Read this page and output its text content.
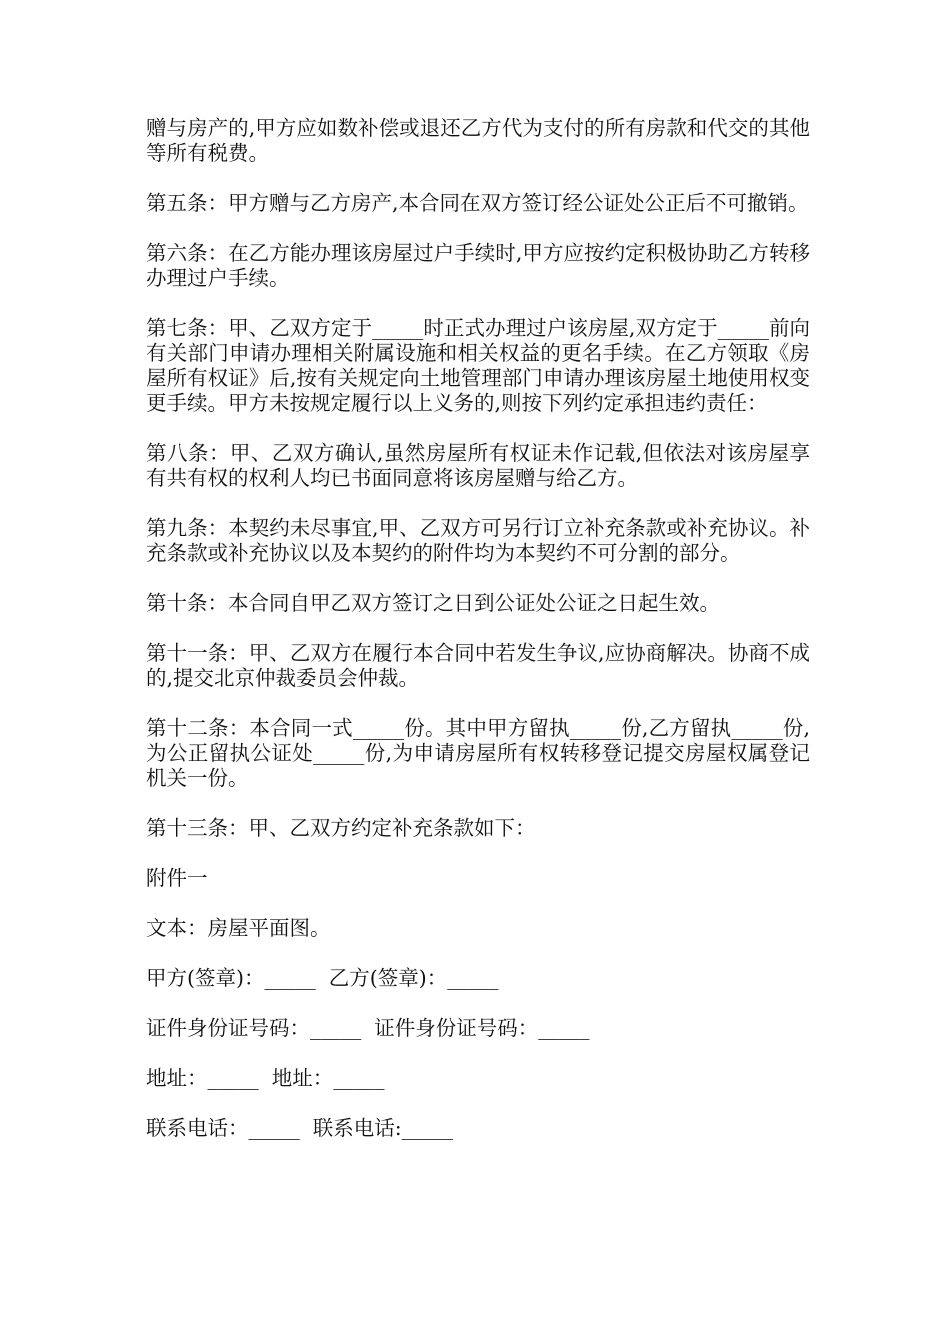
赠与房产的,甲方应如数补偿或退还乙方代为支付的所有房款和代交的其他等所有税费。

第五条：甲方赠与乙方房产,本合同在双方签订经公证处公正后不可撤销。

第六条：在乙方能办理该房屋过户手续时,甲方应按约定积极协助乙方转移办理过户手续。

第七条：甲、乙双方定于_____时正式办理过户该房屋,双方定于_____前向有关部门申请办理相关附属设施和相关权益的更名手续。在乙方领取《房屋所有权证》后,按有关规定向土地管理部门申请办理该房屋土地使用权变更手续。甲方未按规定履行以上义务的,则按下列约定承担违约责任：

第八条：甲、乙双方确认,虽然房屋所有权证未作记载,但依法对该房屋享有共有权的权利人均已书面同意将该房屋赠与给乙方。

第九条：本契约未尽事宜,甲、乙双方可另行订立补充条款或补充协议。补充条款或补充协议以及本契约的附件均为本契约不可分割的部分。

第十条：本合同自甲乙双方签订之日到公证处公证之日起生效。

第十一条：甲、乙双方在履行本合同中若发生争议,应协商解决。协商不成的,提交北京仲裁委员会仲裁。

第十二条：本合同一式_____份。其中甲方留执_____份,乙方留执_____份,为公正留执公证处_____份,为申请房屋所有权转移登记提交房屋权属登记机关一份。

第十三条：甲、乙双方约定补充条款如下：

附件一

文本：房屋平面图。

甲方(签章)：_____  乙方(签章)：_____

证件身份证号码：_____  证件身份证号码：_____

地址：_____  地址：_____

联系电话：_____  联系电话:_____
